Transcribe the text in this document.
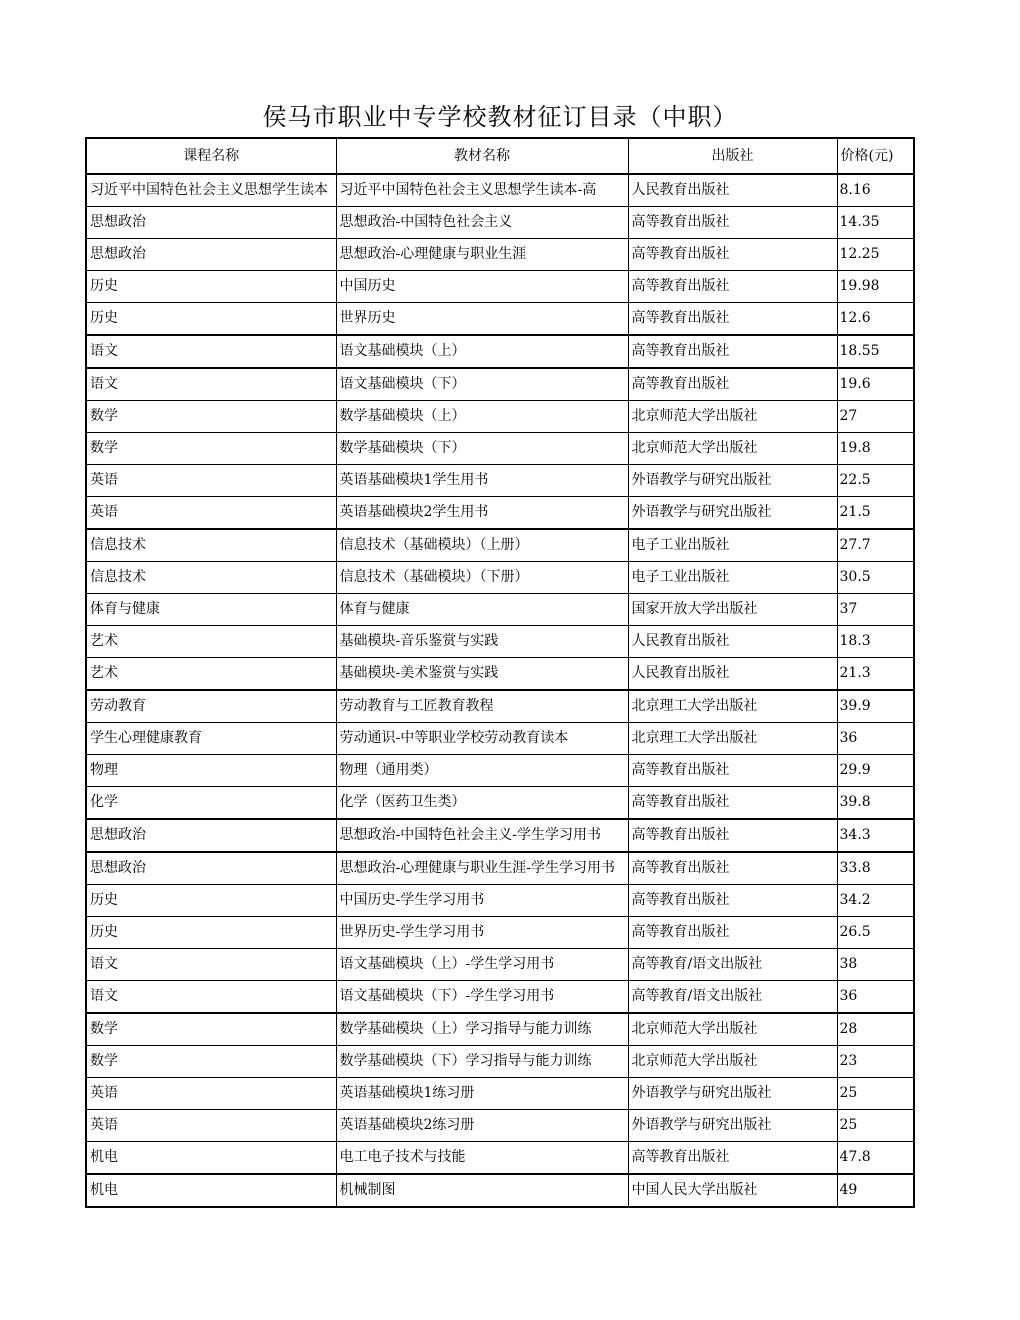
侯马市职业中专学校教材征订目录（中职）
课程名称	教材名称	出版社	价格(元)
习近平中国特色社会主义思想学生读本	习近平中国特色社会主义思想学生读本-高	人民教育出版社	8.16
思想政治	思想政治-中国特色社会主义	高等教育出版社	14.35
思想政治	思想政治-心理健康与职业生涯	高等教育出版社	12.25
历史	中国历史	高等教育出版社	19.98
历史	世界历史	高等教育出版社	12.6
语文	语文基础模块（上）	高等教育出版社	18.55
语文	语文基础模块（下）	高等教育出版社	19.6
数学	数学基础模块（上）	北京师范大学出版社	27
数学	数学基础模块（下）	北京师范大学出版社	19.8
英语	英语基础模块1学生用书	外语教学与研究出版社	22.5
英语	英语基础模块2学生用书	外语教学与研究出版社	21.5
信息技术	信息技术（基础模块）（上册）	电子工业出版社	27.7
信息技术	信息技术（基础模块）（下册）	电子工业出版社	30.5
体育与健康	体育与健康	国家开放大学出版社	37
艺术	基础模块-音乐鉴赏与实践	人民教育出版社	18.3
艺术	基础模块-美术鉴赏与实践	人民教育出版社	21.3
劳动教育	劳动教育与工匠教育教程	北京理工大学出版社	39.9
学生心理健康教育	劳动通识-中等职业学校劳动教育读本	北京理工大学出版社	36
物理	物理（通用类）	高等教育出版社	29.9
化学	化学（医药卫生类）	高等教育出版社	39.8
思想政治	思想政治-中国特色社会主义-学生学习用书	高等教育出版社	34.3
思想政治	思想政治-心理健康与职业生涯-学生学习用书	高等教育出版社	33.8
历史	中国历史-学生学习用书	高等教育出版社	34.2
历史	世界历史-学生学习用书	高等教育出版社	26.5
语文	语文基础模块（上）-学生学习用书	高等教育/语文出版社	38
语文	语文基础模块（下）-学生学习用书	高等教育/语文出版社	36
数学	数学基础模块（上）学习指导与能力训练	北京师范大学出版社	28
数学	数学基础模块（下）学习指导与能力训练	北京师范大学出版社	23
英语	英语基础模块1练习册	外语教学与研究出版社	25
英语	英语基础模块2练习册	外语教学与研究出版社	25
机电	电工电子技术与技能	高等教育出版社	47.8
机电	机械制图	中国人民大学出版社	49
